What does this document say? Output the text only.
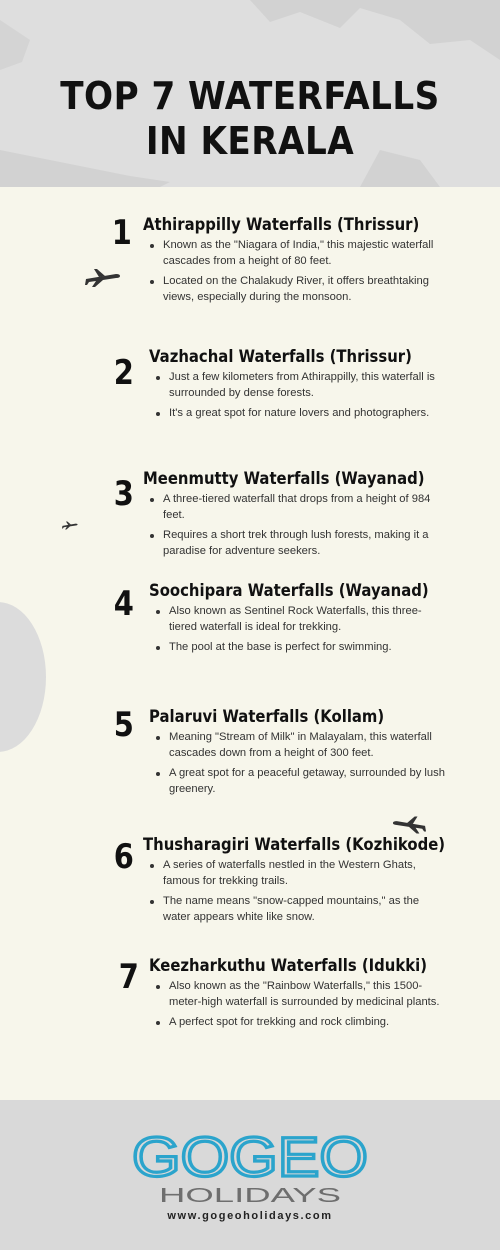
TOP 7 WATERFALLS IN KERALA
1 Athirappilly Waterfalls (Thrissur)
Known as the "Niagara of India," this majestic waterfall cascades from a height of 80 feet.
Located on the Chalakudy River, it offers breathtaking views, especially during the monsoon.
2 Vazhachal Waterfalls (Thrissur)
Just a few kilometers from Athirappilly, this waterfall is surrounded by dense forests.
It's a great spot for nature lovers and photographers.
3 Meenmutty Waterfalls (Wayanad)
A three-tiered waterfall that drops from a height of 984 feet.
Requires a short trek through lush forests, making it a paradise for adventure seekers.
4 Soochipara Waterfalls (Wayanad)
Also known as Sentinel Rock Waterfalls, this three-tiered waterfall is ideal for trekking.
The pool at the base is perfect for swimming.
5 Palaruvi Waterfalls (Kollam)
Meaning "Stream of Milk" in Malayalam, this waterfall cascades down from a height of 300 feet.
A great spot for a peaceful getaway, surrounded by lush greenery.
6 Thusharagiri Waterfalls (Kozhikode)
A series of waterfalls nestled in the Western Ghats, famous for trekking trails.
The name means "snow-capped mountains," as the water appears white like snow.
7 Keezharkuthu Waterfalls (Idukki)
Also known as the "Rainbow Waterfalls," this 1500-meter-high waterfall is surrounded by medicinal plants.
A perfect spot for trekking and rock climbing.
GOGEO
HOLIDAYS
www.gogeoholidays.com
